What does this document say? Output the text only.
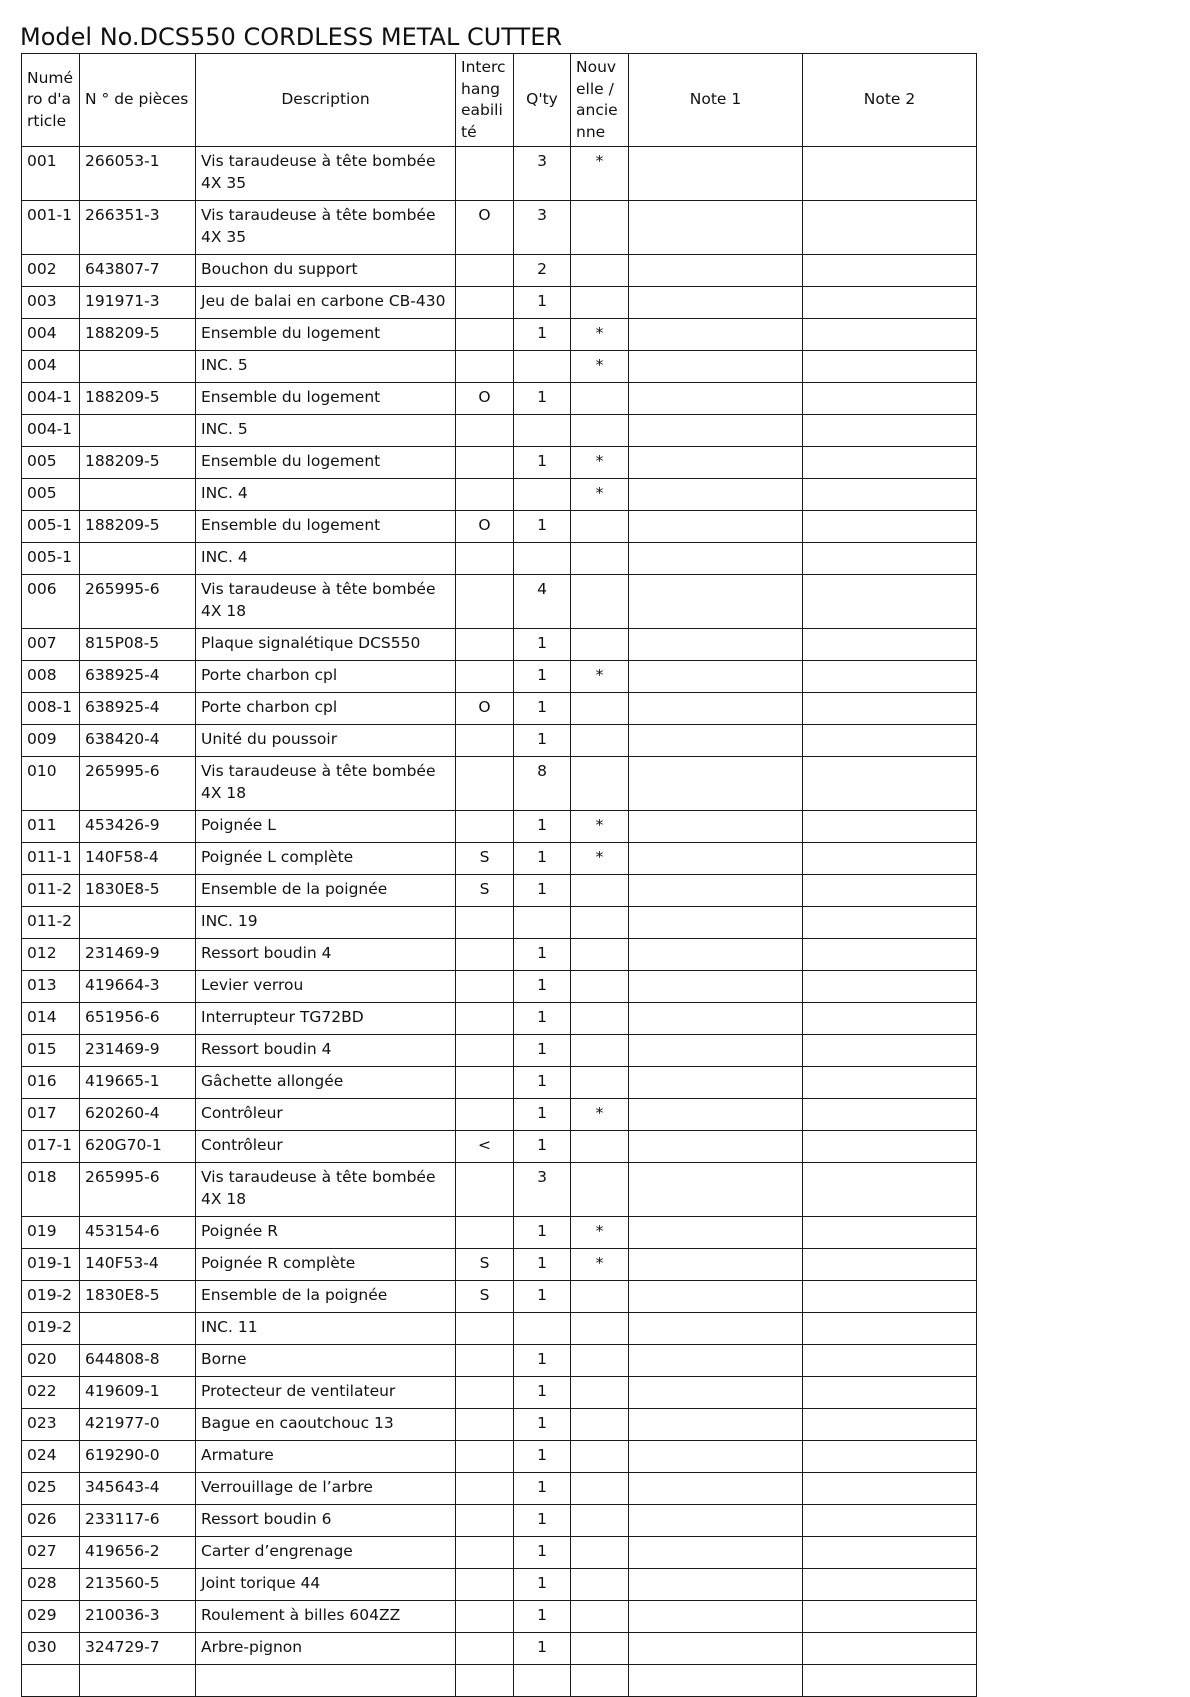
Model No.DCS550 CORDLESS METAL CUTTER
Numéro d'article	N ° de pièces	Description	Interchangeabilité	Q'ty	Nouvelle / ancienne	Note 1	Note 2
001	266053-1	Vis taraudeuse à tête bombée 4X 35		3	*		
001-1	266351-3	Vis taraudeuse à tête bombée 4X 35	O	3			
002	643807-7	Bouchon du support		2			
003	191971-3	Jeu de balai en carbone CB-430		1			
004	188209-5	Ensemble du logement		1	*		
004		INC. 5			*		
004-1	188209-5	Ensemble du logement	O	1			
004-1		INC. 5					
005	188209-5	Ensemble du logement		1	*		
005		INC. 4			*		
005-1	188209-5	Ensemble du logement	O	1			
005-1		INC. 4					
006	265995-6	Vis taraudeuse à tête bombée 4X 18		4			
007	815P08-5	Plaque signalétique DCS550		1			
008	638925-4	Porte charbon cpl		1	*		
008-1	638925-4	Porte charbon cpl	O	1			
009	638420-4	Unité du poussoir		1			
010	265995-6	Vis taraudeuse à tête bombée 4X 18		8			
011	453426-9	Poignée L		1	*		
011-1	140F58-4	Poignée L complète	S	1	*		
011-2	1830E8-5	Ensemble de la poignée	S	1			
011-2		INC. 19					
012	231469-9	Ressort boudin 4		1			
013	419664-3	Levier verrou		1			
014	651956-6	Interrupteur TG72BD		1			
015	231469-9	Ressort boudin 4		1			
016	419665-1	Gâchette allongée		1			
017	620260-4	Contrôleur		1	*		
017-1	620G70-1	Contrôleur	<	1			
018	265995-6	Vis taraudeuse à tête bombée 4X 18		3			
019	453154-6	Poignée R		1	*		
019-1	140F53-4	Poignée R complète	S	1	*		
019-2	1830E8-5	Ensemble de la poignée	S	1			
019-2		INC. 11					
020	644808-8	Borne		1			
022	419609-1	Protecteur de ventilateur		1			
023	421977-0	Bague en caoutchouc 13		1			
024	619290-0	Armature		1			
025	345643-4	Verrouillage de l’arbre		1			
026	233117-6	Ressort boudin 6		1			
027	419656-2	Carter d’engrenage		1			
028	213560-5	Joint torique 44		1			
029	210036-3	Roulement à billes 604ZZ		1			
030	324729-7	Arbre-pignon		1			
